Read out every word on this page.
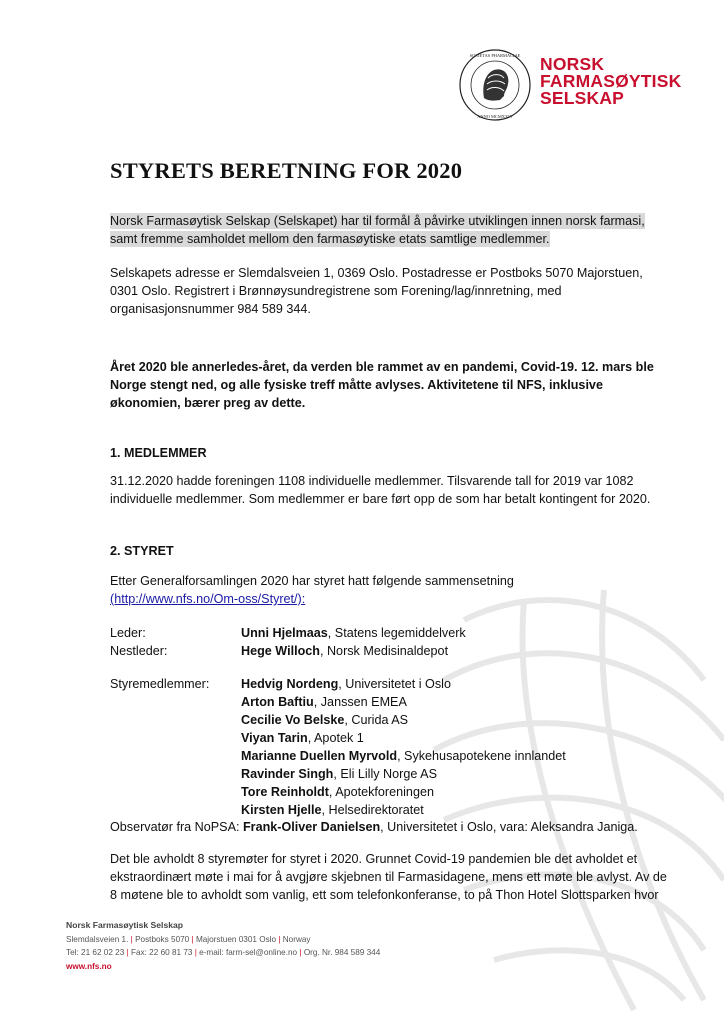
SOCIETAS PHARMACIAE
ANNO MCMXXIV
NORSK
FARMASØYTISK
SELSKAP
STYRETS BERETNING FOR 2020
Norsk Farmasøytisk Selskap (Selskapet) har til formål å påvirke utviklingen innen norsk farmasi, samt fremme samholdet mellom den farmasøytiske etats samtlige medlemmer.
Selskapets adresse er Slemdalsveien 1, 0369 Oslo. Postadresse er Postboks 5070 Majorstuen, 0301 Oslo. Registrert i Brønnøysundregistrene som Forening/lag/innretning, med organisasjonsnummer 984 589 344.
Året 2020 ble annerledes-året, da verden ble rammet av en pandemi, Covid-19. 12. mars ble Norge stengt ned, og alle fysiske treff måtte avlyses. Aktivitetene til NFS, inklusive økonomien, bærer preg av dette.
1. MEDLEMMER
31.12.2020 hadde foreningen 1108 individuelle medlemmer. Tilsvarende tall for 2019 var 1082 individuelle medlemmer. Som medlemmer er bare ført opp de som har betalt kontingent for 2020.
2. STYRET
Etter Generalforsamlingen 2020 har styret hatt følgende sammensetning
(http://www.nfs.no/Om-oss/Styret/):
Leder:	Unni Hjelmaas, Statens legemiddelverk
Nestleder:	Hege Willoch, Norsk Medisinaldepot
Styremedlemmer:	Hedvig Nordeng, Universitetet i Oslo
Arton Baftiu, Janssen EMEA
Cecilie Vo Belske, Curida AS
Viyan Tarin, Apotek 1
Marianne Duellen Myrvold, Sykehusapotekene innlandet
Ravinder Singh, Eli Lilly Norge AS
Tore Reinholdt, Apotekforeningen
Kirsten Hjelle, Helsedirektoratet
Observatør fra NoPSA: Frank-Oliver Danielsen, Universitetet i Oslo, vara: Aleksandra Janiga.
Det ble avholdt 8 styremøter for styret i 2020. Grunnet Covid-19 pandemien ble det avholdet et ekstraordinært møte i mai for å avgjøre skjebnen til Farmasidagene, mens ett møte ble avlyst. Av de 8 møtene ble to avholdt som vanlig, ett som telefonkonferanse, to på Thon Hotel Slottsparken hvor
Norsk Farmasøytisk Selskap
Slemdalsveien 1. | Postboks 5070 | Majorstuen 0301 Oslo | Norway
Tel: 21 62 02 23 | Fax: 22 60 81 73 | e-mail: farm-sel@online.no | Org. Nr. 984 589 344
www.nfs.no
